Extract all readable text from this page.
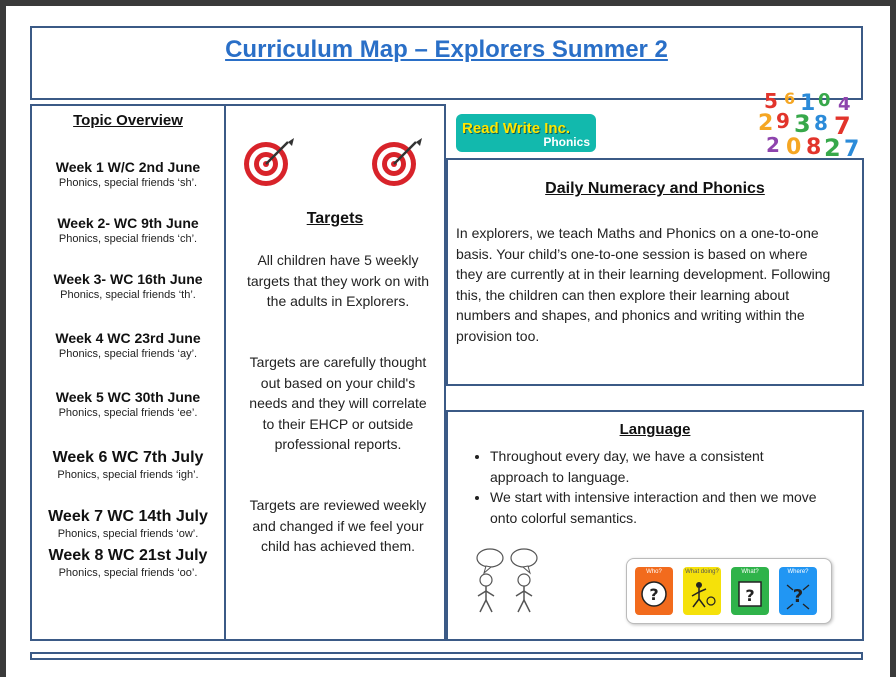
Curriculum Map – Explorers Summer 2
Topic Overview
Week 1 W/C 2nd June
Phonics, special friends ‘sh’.
Week 2- WC 9th June
Phonics, special friends ‘ch’.
Week 3- WC 16th June
Phonics, special friends ‘th’.
Week 4 WC 23rd June
Phonics, special friends ‘ay’.
Week 5 WC 30th June
Phonics, special friends ‘ee’.
Week 6 WC 7th July
Phonics, special friends ‘igh’.
Week 7 WC 14th July
Phonics, special friends ‘ow’.
Week 8 WC 21st July
Phonics, special friends ‘oo’.
Targets
All children have 5 weekly targets that they work on with the adults in Explorers.
Targets are carefully thought out based on your child's needs and they will correlate to their EHCP or outside professional reports.
Targets are reviewed weekly and changed if we feel your child has achieved them.
Read Write Inc.
Phonics
5 6 1 0 4
2 9 3 8 7
2 0 8 2 7
Daily Numeracy and Phonics
In explorers, we teach Maths and Phonics on a one-to-one basis. Your child’s one-to-one session is based on where they are currently at in their learning development. Following this, the children can then explore their learning about numbers and shapes, and phonics and writing within the provision too.
Language
• Throughout every day, we have a consistent approach to language.
• We start with intensive interaction and then we move onto colorful semantics.
Who?
?
What doing?	What?
?
Where?
?
